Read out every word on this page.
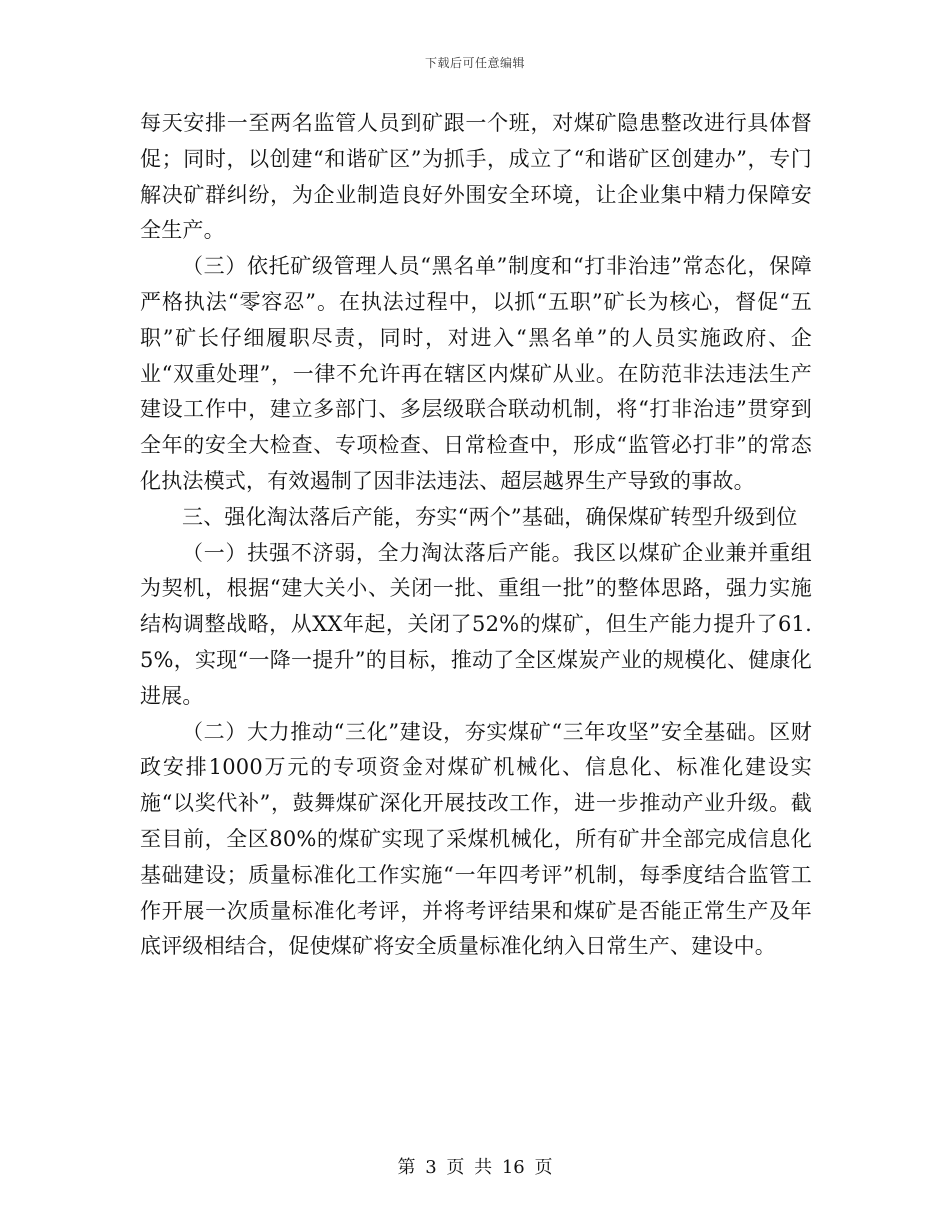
下载后可任意编辑

每天安排一至两名监管人员到矿跟一个班，对煤矿隐患整改进行具体督促；同时，以创建“和谐矿区”为抓手，成立了“和谐矿区创建办”，专门解决矿群纠纷，为企业制造良好外围安全环境，让企业集中精力保障安全生产。

（三）依托矿级管理人员“黑名单”制度和“打非治违”常态化，保障严格执法“零容忍”。在执法过程中，以抓“五职”矿长为核心，督促“五职”矿长仔细履职尽责，同时，对进入“黑名单”的人员实施政府、企业“双重处理”，一律不允许再在辖区内煤矿从业。在防范非法违法生产建设工作中，建立多部门、多层级联合联动机制，将“打非治违”贯穿到全年的安全大检查、专项检查、日常检查中，形成“监管必打非”的常态化执法模式，有效遏制了因非法违法、超层越界生产导致的事故。

三、强化淘汰落后产能，夯实“两个”基础，确保煤矿转型升级到位

（一）扶强不济弱，全力淘汰落后产能。我区以煤矿企业兼并重组为契机，根据“建大关小、关闭一批、重组一批”的整体思路，强力实施结构调整战略，从XX年起，关闭了52%的煤矿，但生产能力提升了61.5%，实现“一降一提升”的目标，推动了全区煤炭产业的规模化、健康化进展。

（二）大力推动“三化”建设，夯实煤矿“三年攻坚”安全基础。区财政安排1000万元的专项资金对煤矿机械化、信息化、标准化建设实施“以奖代补”，鼓舞煤矿深化开展技改工作，进一步推动产业升级。截至目前，全区80%的煤矿实现了采煤机械化，所有矿井全部完成信息化基础建设；质量标准化工作实施“一年四考评”机制，每季度结合监管工作开展一次质量标准化考评，并将考评结果和煤矿是否能正常生产及年底评级相结合，促使煤矿将安全质量标准化纳入日常生产、建设中。

第 3 页 共 16 页
